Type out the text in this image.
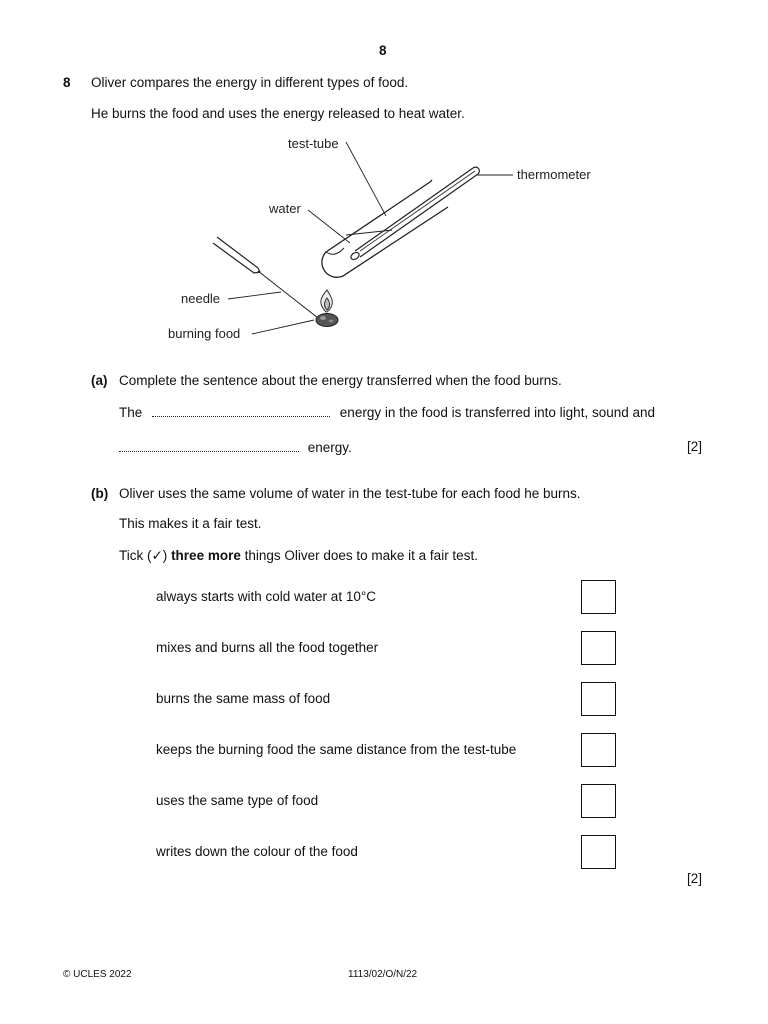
8
8 Oliver compares the energy in different types of food.
He burns the food and uses the energy released to heat water.
test-tube
thermometer
water
needle
burning food
(a) Complete the sentence about the energy transferred when the food burns.
The	energy in the food is transferred into light, sound and
energy.	[2]
(b) Oliver uses the same volume of water in the test-tube for each food he burns.
This makes it a fair test.
Tick (✓) three more things Oliver does to make it a fair test.
always starts with cold water at 10°C
mixes and burns all the food together
burns the same mass of food
keeps the burning food the same distance from the test-tube
uses the same type of food
writes down the colour of the food
[2]
© UCLES 2022	1113/02/O/N/22
